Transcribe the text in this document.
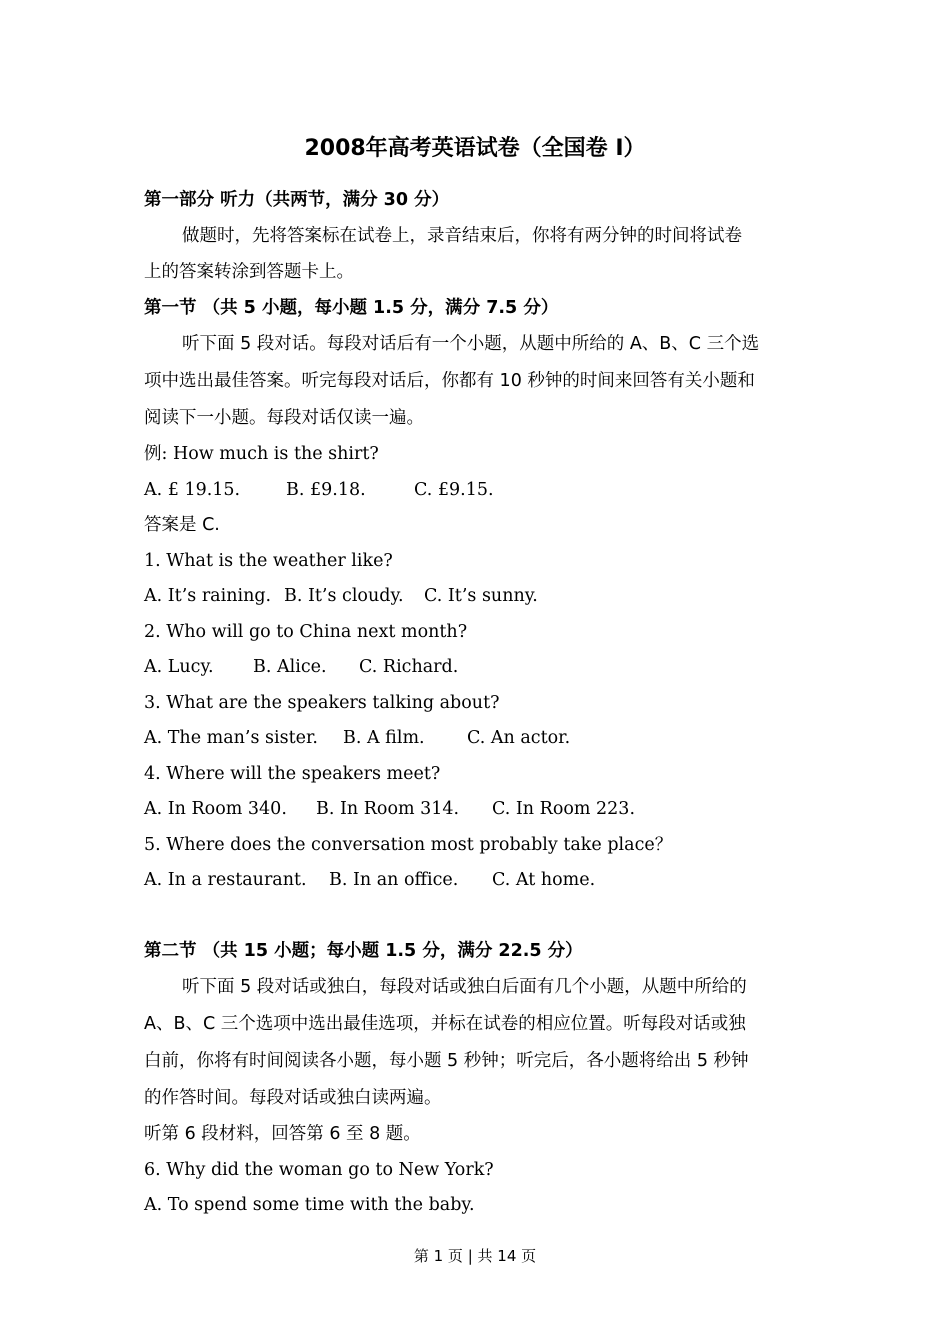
2008年高考英语试卷（全国卷 I）
第一部分 听力（共两节，满分 30 分）
做题时，先将答案标在试卷上，录音结束后，你将有两分钟的时间将试卷
上的答案转涂到答题卡上。
第一节 （共 5 小题，每小题 1.5 分，满分 7.5 分）
听下面 5 段对话。每段对话后有一个小题，从题中所给的 A、B、C 三个选
项中选出最佳答案。听完每段对话后，你都有 10 秒钟的时间来回答有关小题和
阅读下一小题。每段对话仅读一遍。
例: How much is the shirt?
A. £ 19.15.	B. £9.18.	C. £9.15.
答案是 C.
1. What is the weather like?
A. It’s raining. B. It’s cloudy. C. It’s sunny.
2. Who will go to China next month?
A. Lucy. B. Alice. C. Richard.
3. What are the speakers talking about?
A. The man’s sister. B. A film. C. An actor.
4. Where will the speakers meet?
A. In Room 340. B. In Room 314. C. In Room 223.
5. Where does the conversation most probably take place？
A. In a restaurant. B. In an office. C. At home.
第二节 （共 15 小题；每小题 1.5 分，满分 22.5 分）
听下面 5 段对话或独白，每段对话或独白后面有几个小题，从题中所给的
A、B、C 三个选项中选出最佳选项，并标在试卷的相应位置。听每段对话或独
白前，你将有时间阅读各小题，每小题 5 秒钟；听完后，各小题将给出 5 秒钟
的作答时间。每段对话或独白读两遍。
听第 6 段材料，回答第 6 至 8 题。
6. Why did the woman go to New York?
A. To spend some time with the baby.
第 1 页 | 共 14 页
